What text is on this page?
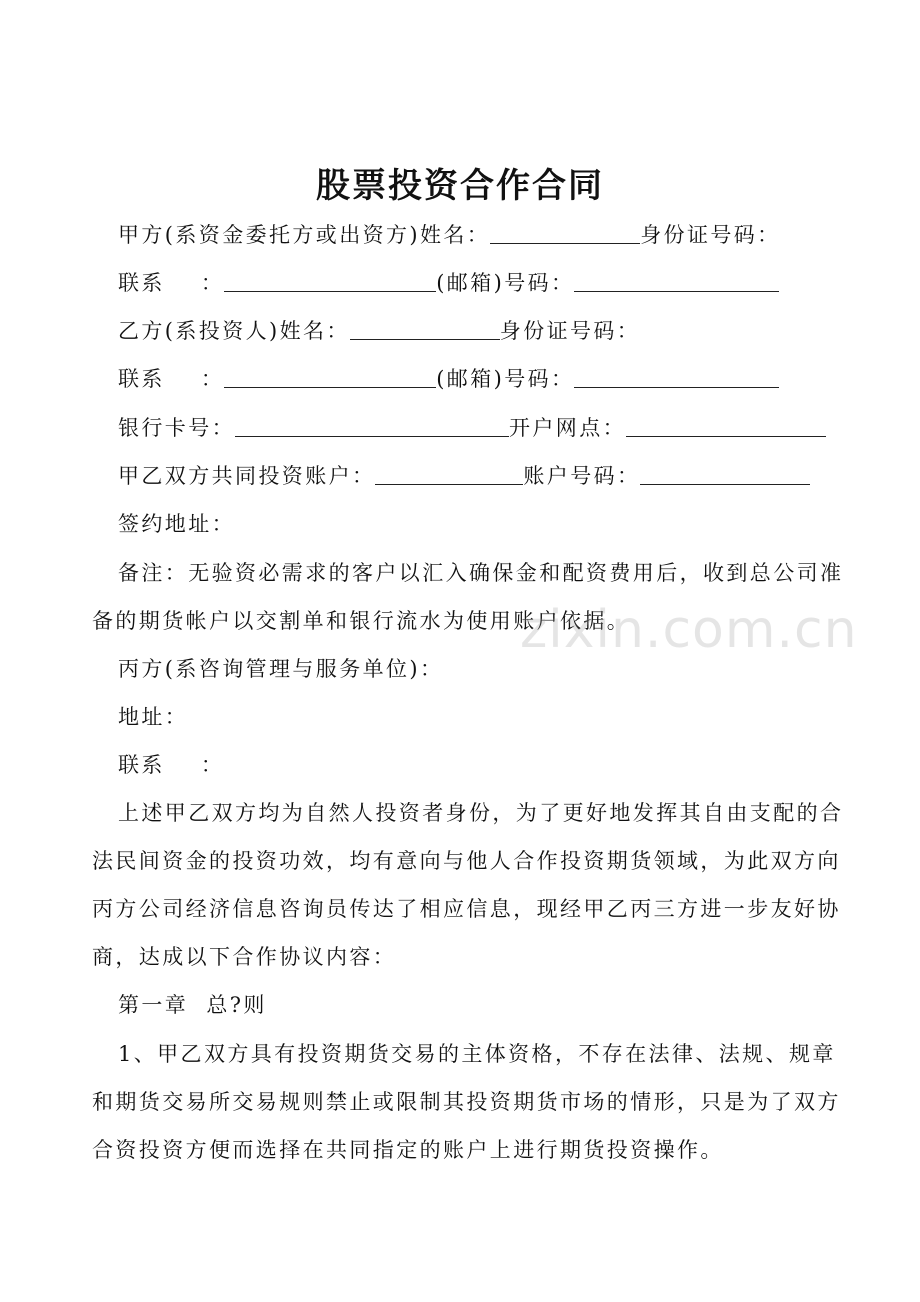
股票投资合作合同
甲方(系资金委托方或出资方)姓名：	身份证号码：
联系 ：	(邮箱)号码：
乙方(系投资人)姓名：	身份证号码：
联系 ：	(邮箱)号码：
银行卡号：	开户网点：
甲乙双方共同投资账户：	账户号码：
签约地址：
备注：无验资必需求的客户以汇入确保金和配资费用后，收到总公司准
备的期货帐户以交割单和银行流水为使用账户依据。
丙方(系咨询管理与服务单位)：
地址：
联系 ：
上述甲乙双方均为自然人投资者身份，为了更好地发挥其自由支配的合
法民间资金的投资功效，均有意向与他人合作投资期货领域，为此双方向
丙方公司经济信息咨询员传达了相应信息，现经甲乙丙三方进一步友好协
商，达成以下合作协议内容：
第一章  总?则
1、甲乙双方具有投资期货交易的主体资格，不存在法律、法规、规章
和期货交易所交易规则禁止或限制其投资期货市场的情形，只是为了双方
合资投资方便而选择在共同指定的账户上进行期货投资操作。
zixin.com.cn
